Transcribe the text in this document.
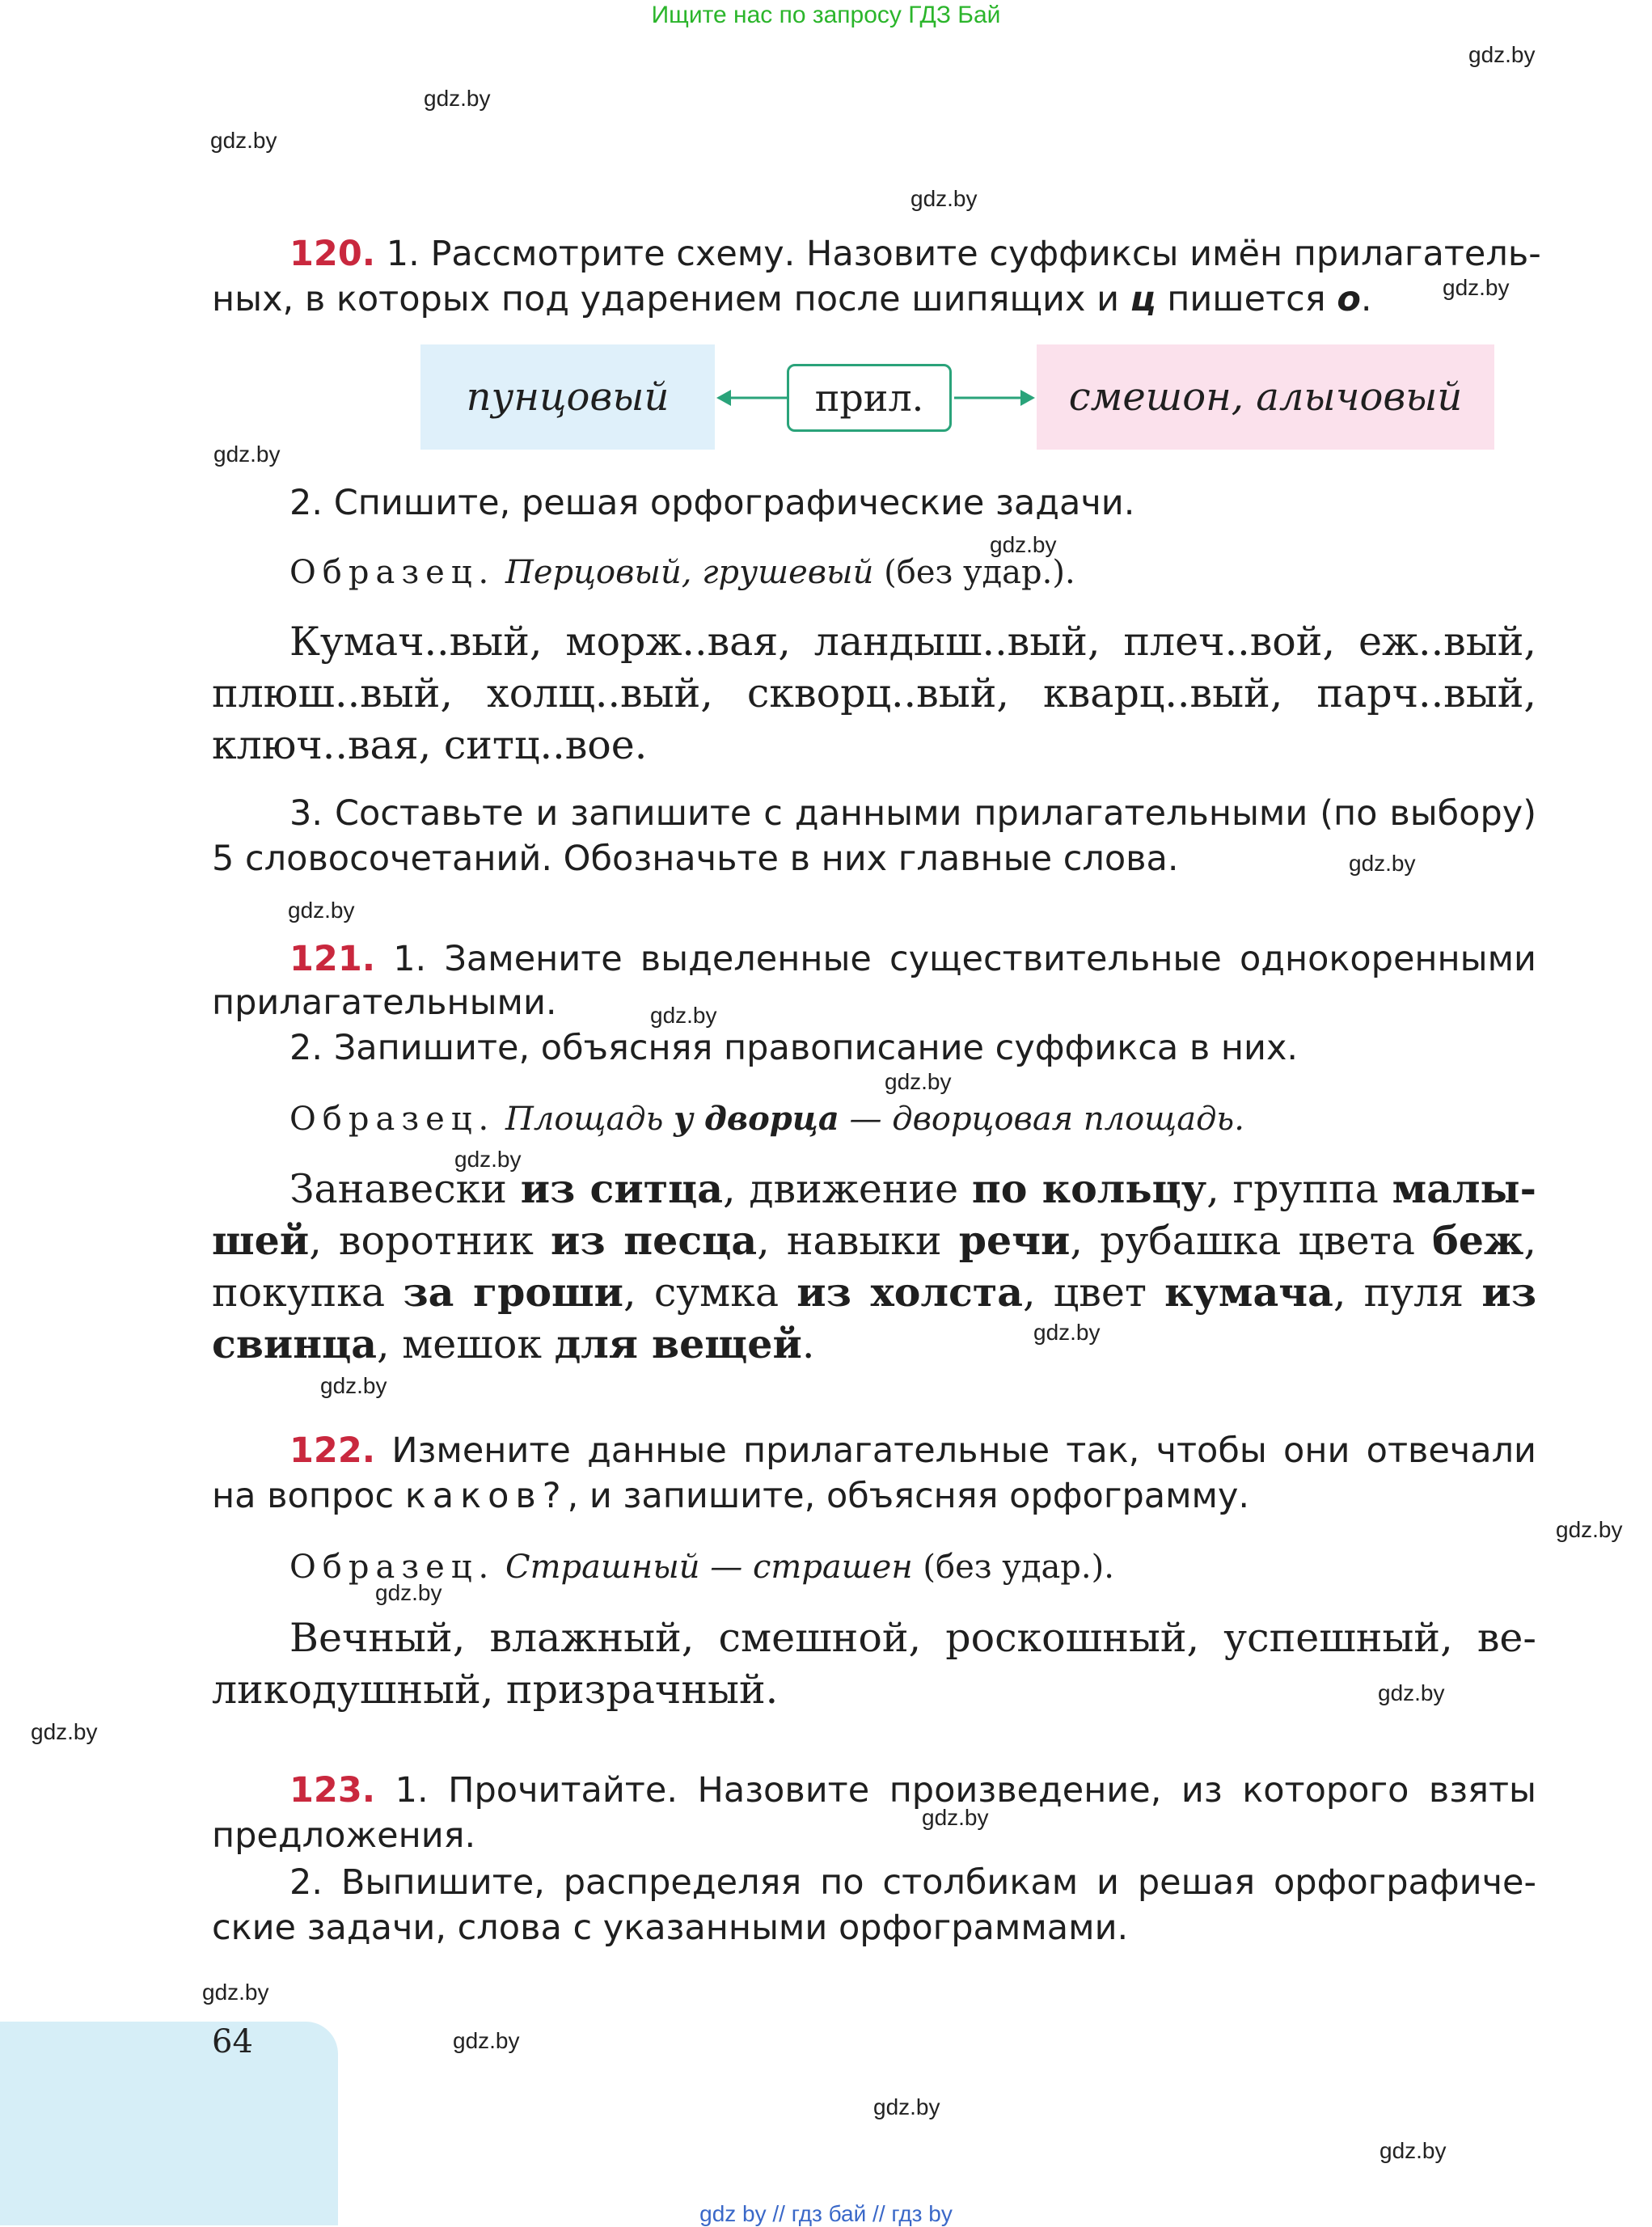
Ищите нас по запросу ГДЗ Бай
gdz.by
gdz.by
gdz.by
gdz.by
gdz.by
gdz.by
gdz.by
gdz.by
gdz.by
gdz.by
gdz.by
gdz.by
gdz.by
gdz.by
gdz.by
gdz.by
gdz.by
gdz.by
gdz.by
gdz.by
gdz.by
gdz.by
gdz.by
120. 1. Рассмотрите схему. Назовите суффиксы имён прилагатель-
ных, в которых под ударением после шипящих и ц пишется о.
пунцовый	прил.	смешон, алычовый
2. Спишите, решая орфографические задачи.
Образец. Перцовый, грушевый (без удар.).
Кумач..вый, морж..вая, ландыш..вый, плеч..вой, еж..вый,
плюш..вый, холщ..вый, скворц..вый, кварц..вый, парч..вый,
ключ..вая, ситц..вое.
3. Составьте и запишите с данными прилагательными (по выбору)
5 словосочетаний. Обозначьте в них главные слова.
121. 1. Замените выделенные существительные однокоренными
прилагательными.
2. Запишите, объясняя правописание суффикса в них.
Образец. Площадь у дворца — дворцовая площадь.
Занавески из ситца, движение по кольцу, группа малы-
шей, воротник из песца, навыки речи, рубашка цвета беж,
покупка за гроши, сумка из холста, цвет кумача, пуля из
свинца, мешок для вещей.
122. Измените данные прилагательные так, чтобы они отвечали
на вопрос каков?, и запишите, объясняя орфограмму.
Образец. Страшный — страшен (без удар.).
Вечный, влажный, смешной, роскошный, успешный, ве-
ликодушный, призрачный.
123. 1. Прочитайте. Назовите произведение, из которого взяты
предложения.
2. Выпишите, распределяя по столбикам и решая орфографиче-
ские задачи, слова с указанными орфограммами.
64
gdz by // гдз бай // гдз by
